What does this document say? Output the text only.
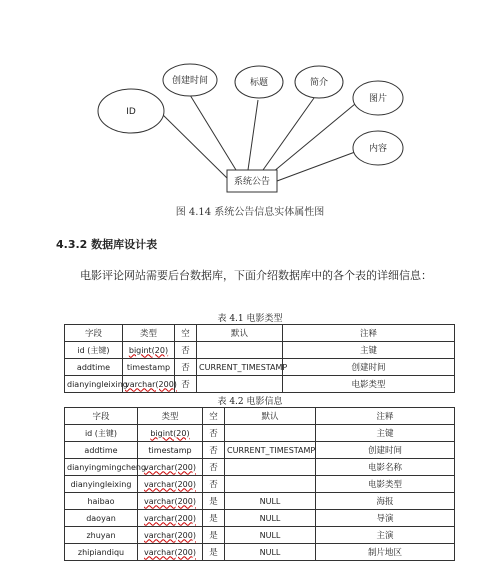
系统公告
ID
创建时间	标题	简介
图片
内容
图 4.14 系统公告信息实体属性图
4.3.2 数据库设计表
电影评论网站需要后台数据库，下面介绍数据库中的各个表的详细信息：
表 4.1 电影类型
字段	类型	空	默认	注释
id (主键)	bigint(20)	否		主键
addtime	timestamp	否	CURRENT_TIMESTAMP	创建时间
dianyingleixing	varchar(200)	否		电影类型
表 4.2 电影信息
字段	类型	空	默认	注释
id (主键)	bigint(20)	否		主键
addtime	timestamp	否	CURRENT_TIMESTAMP	创建时间
dianyingmingcheng	varchar(200)	否		电影名称
dianyingleixing	varchar(200)	否		电影类型
haibao	varchar(200)	是	NULL	海报
daoyan	varchar(200)	是	NULL	导演
zhuyan	varchar(200)	是	NULL	主演
zhipiandiqu	varchar(200)	是	NULL	制片地区
